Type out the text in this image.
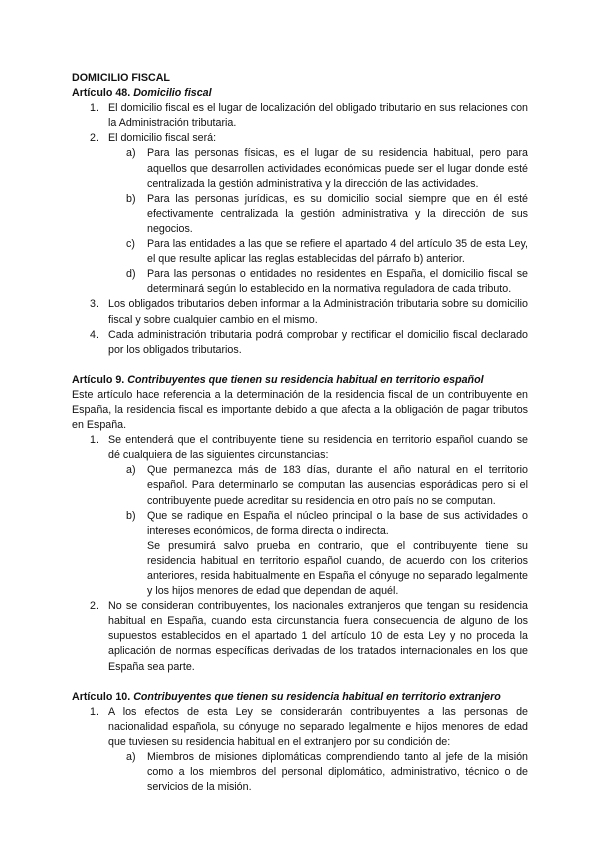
DOMICILIO FISCAL

Artículo 48. Domicilio fiscal

1. El domicilio fiscal es el lugar de localización del obligado tributario en sus relaciones con la Administración tributaria.
2. El domicilio fiscal será:
a) Para las personas físicas, es el lugar de su residencia habitual, pero para aquellos que desarrollen actividades económicas puede ser el lugar donde esté centralizada la gestión administrativa y la dirección de las actividades.
b) Para las personas jurídicas, es su domicilio social siempre que en él esté efectivamente centralizada la gestión administrativa y la dirección de sus negocios.
c) Para las entidades a las que se refiere el apartado 4 del artículo 35 de esta Ley, el que resulte aplicar las reglas establecidas del párrafo b) anterior.
d) Para las personas o entidades no residentes en España, el domicilio fiscal se determinará según lo establecido en la normativa reguladora de cada tributo.
3. Los obligados tributarios deben informar a la Administración tributaria sobre su domicilio fiscal y sobre cualquier cambio en el mismo.
4. Cada administración tributaria podrá comprobar y rectificar el domicilio fiscal declarado por los obligados tributarios.

Artículo 9. Contribuyentes que tienen su residencia habitual en territorio español

Este artículo hace referencia a la determinación de la residencia fiscal de un contribuyente en España, la residencia fiscal es importante debido a que afecta a la obligación de pagar tributos en España.

1. Se entenderá que el contribuyente tiene su residencia en territorio español cuando se dé cualquiera de las siguientes circunstancias:
a) Que permanezca más de 183 días, durante el año natural en el territorio español. Para determinarlo se computan las ausencias esporádicas pero si el contribuyente puede acreditar su residencia en otro país no se computan.
b) Que se radique en España el núcleo principal o la base de sus actividades o intereses económicos, de forma directa o indirecta.
Se presumirá salvo prueba en contrario, que el contribuyente tiene su residencia habitual en territorio español cuando, de acuerdo con los criterios anteriores, resida habitualmente en España el cónyuge no separado legalmente y los hijos menores de edad que dependan de aquél.
2. No se consideran contribuyentes, los nacionales extranjeros que tengan su residencia habitual en España, cuando esta circunstancia fuera consecuencia de alguno de los supuestos establecidos en el apartado 1 del artículo 10 de esta Ley y no proceda la aplicación de normas específicas derivadas de los tratados internacionales en los que España sea parte.

Artículo 10. Contribuyentes que tienen su residencia habitual en territorio extranjero

1. A los efectos de esta Ley se considerarán contribuyentes a las personas de nacionalidad española, su cónyuge no separado legalmente e hijos menores de edad que tuviesen su residencia habitual en el extranjero por su condición de:
a) Miembros de misiones diplomáticas comprendiendo tanto al jefe de la misión como a los miembros del personal diplomático, administrativo, técnico o de servicios de la misión.
